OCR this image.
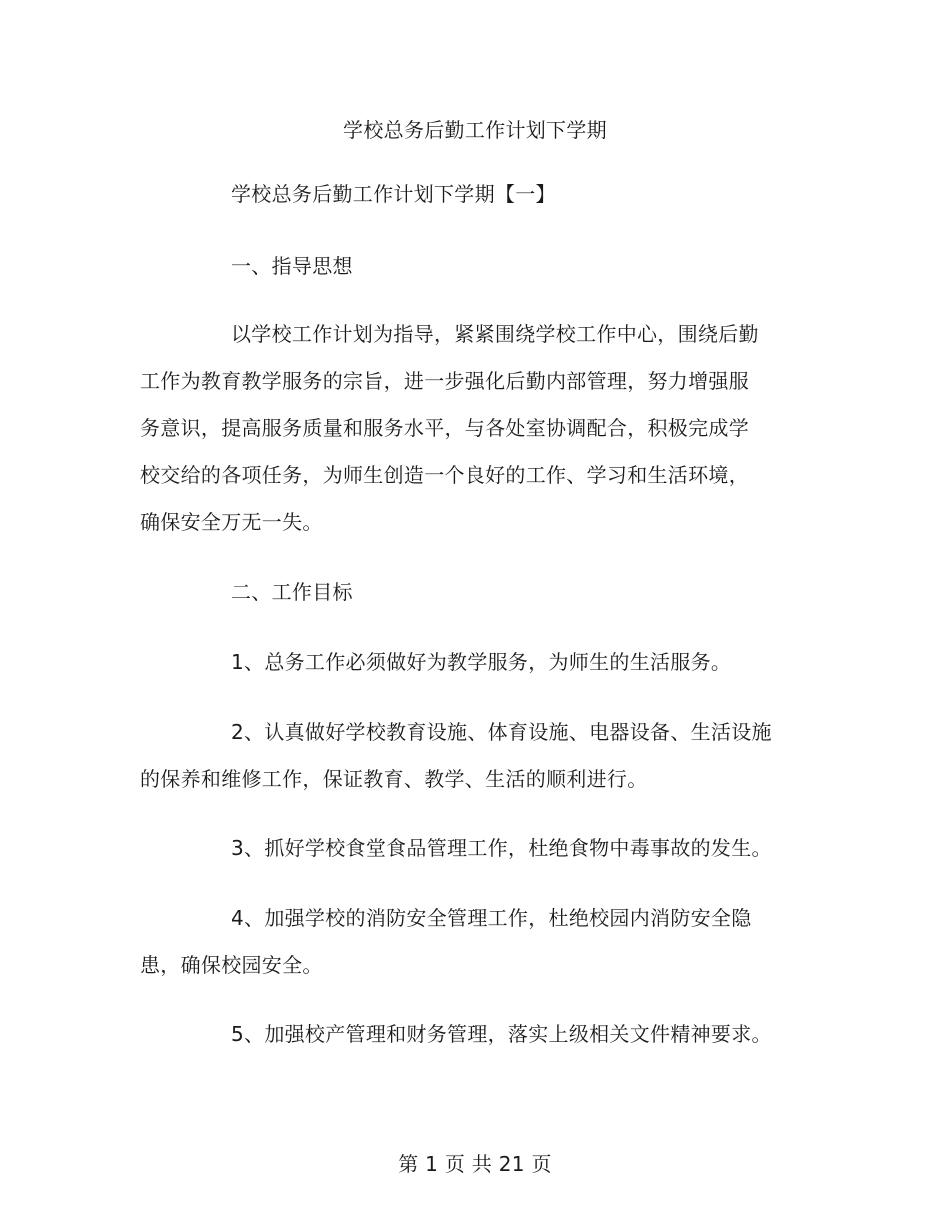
学校总务后勤工作计划下学期
学校总务后勤工作计划下学期【一】
一、指导思想
以学校工作计划为指导，紧紧围绕学校工作中心，围绕后勤
工作为教育教学服务的宗旨，进一步强化后勤内部管理，努力增强服
务意识，提高服务质量和服务水平，与各处室协调配合，积极完成学
校交给的各项任务，为师生创造一个良好的工作、学习和生活环境，
确保安全万无一失。
二、工作目标
1、总务工作必须做好为教学服务，为师生的生活服务。
2、认真做好学校教育设施、体育设施、电器设备、生活设施
的保养和维修工作，保证教育、教学、生活的顺利进行。
3、抓好学校食堂食品管理工作，杜绝食物中毒事故的发生。
4、加强学校的消防安全管理工作，杜绝校园内消防安全隐
患，确保校园安全。
5、加强校产管理和财务管理，落实上级相关文件精神要求。
第 1 页 共 21 页
